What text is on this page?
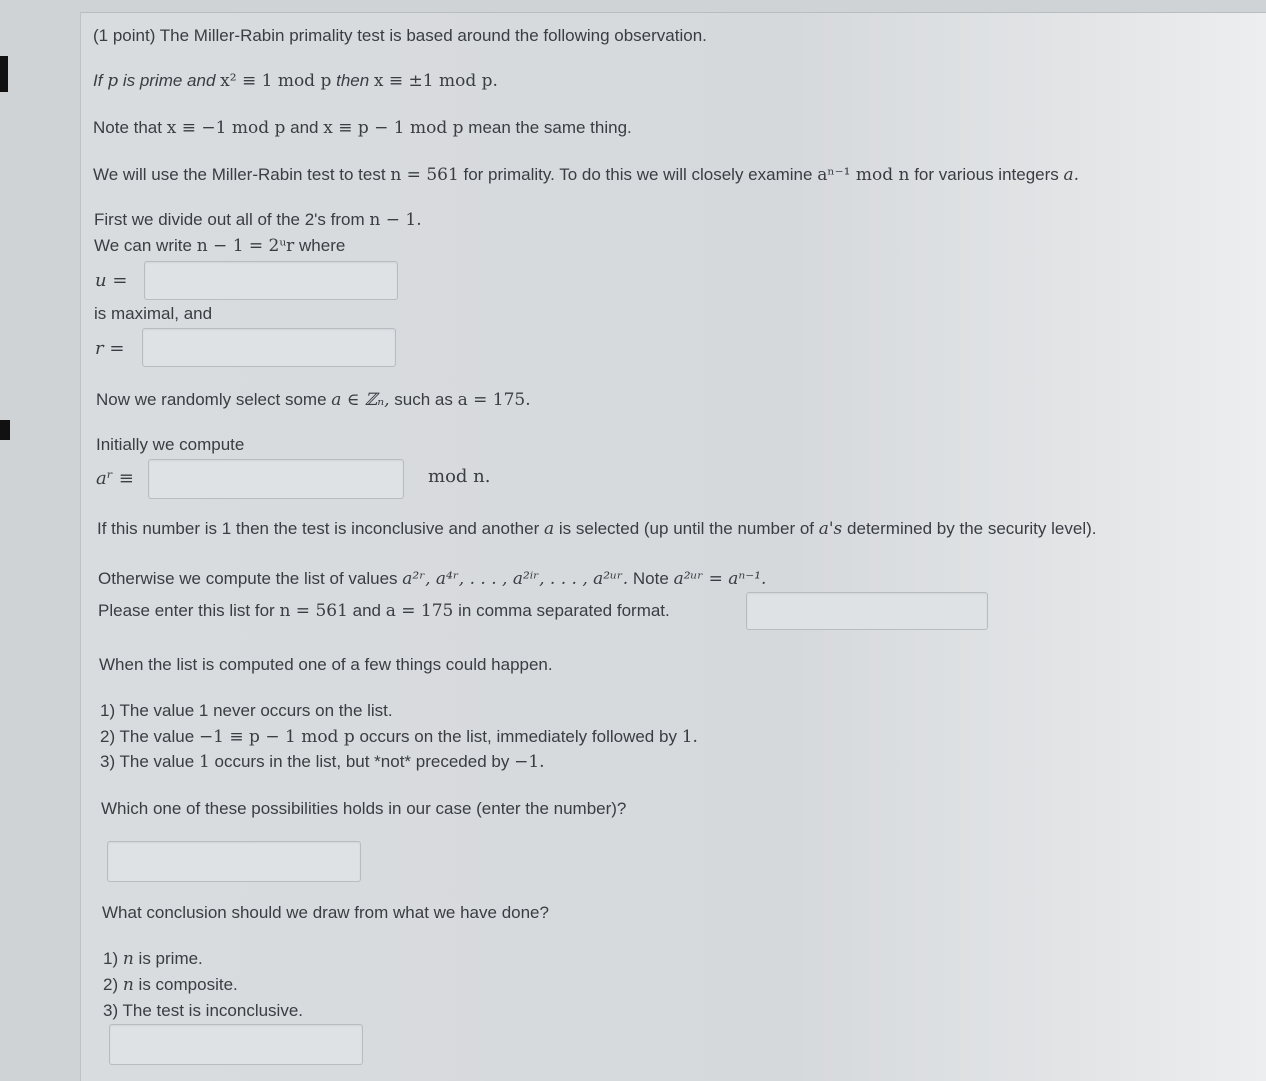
(1 point) The Miller-Rabin primality test is based around the following observation.
If p is prime and x² ≡ 1 mod p then x ≡ ±1 mod p.
Note that x ≡ −1 mod p and x ≡ p − 1 mod p mean the same thing.
We will use the Miller-Rabin test to test n = 561 for primality. To do this we will closely examine aⁿ⁻¹ mod n for various integers a.
First we divide out all of the 2's from n − 1.
We can write n − 1 = 2ᵘr where
u =
is maximal, and
r =
Now we randomly select some a ∈ ℤₙ, such as a = 175.
Initially we compute
aʳ ≡	mod n.
If this number is 1 then the test is inconclusive and another a is selected (up until the number of a's determined by the security level).
Otherwise we compute the list of values a²ʳ, a⁴ʳ, . . . , a²ⁱʳ, . . . , a²ᵘʳ. Note a²ᵘʳ = aⁿ⁻¹.
Please enter this list for n = 561 and a = 175 in comma separated format.
When the list is computed one of a few things could happen.
1) The value 1 never occurs on the list.
2) The value −1 ≡ p − 1 mod p occurs on the list, immediately followed by 1.
3) The value 1 occurs in the list, but *not* preceded by −1.
Which one of these possibilities holds in our case (enter the number)?
What conclusion should we draw from what we have done?
1) n is prime.
2) n is composite.
3) The test is inconclusive.
